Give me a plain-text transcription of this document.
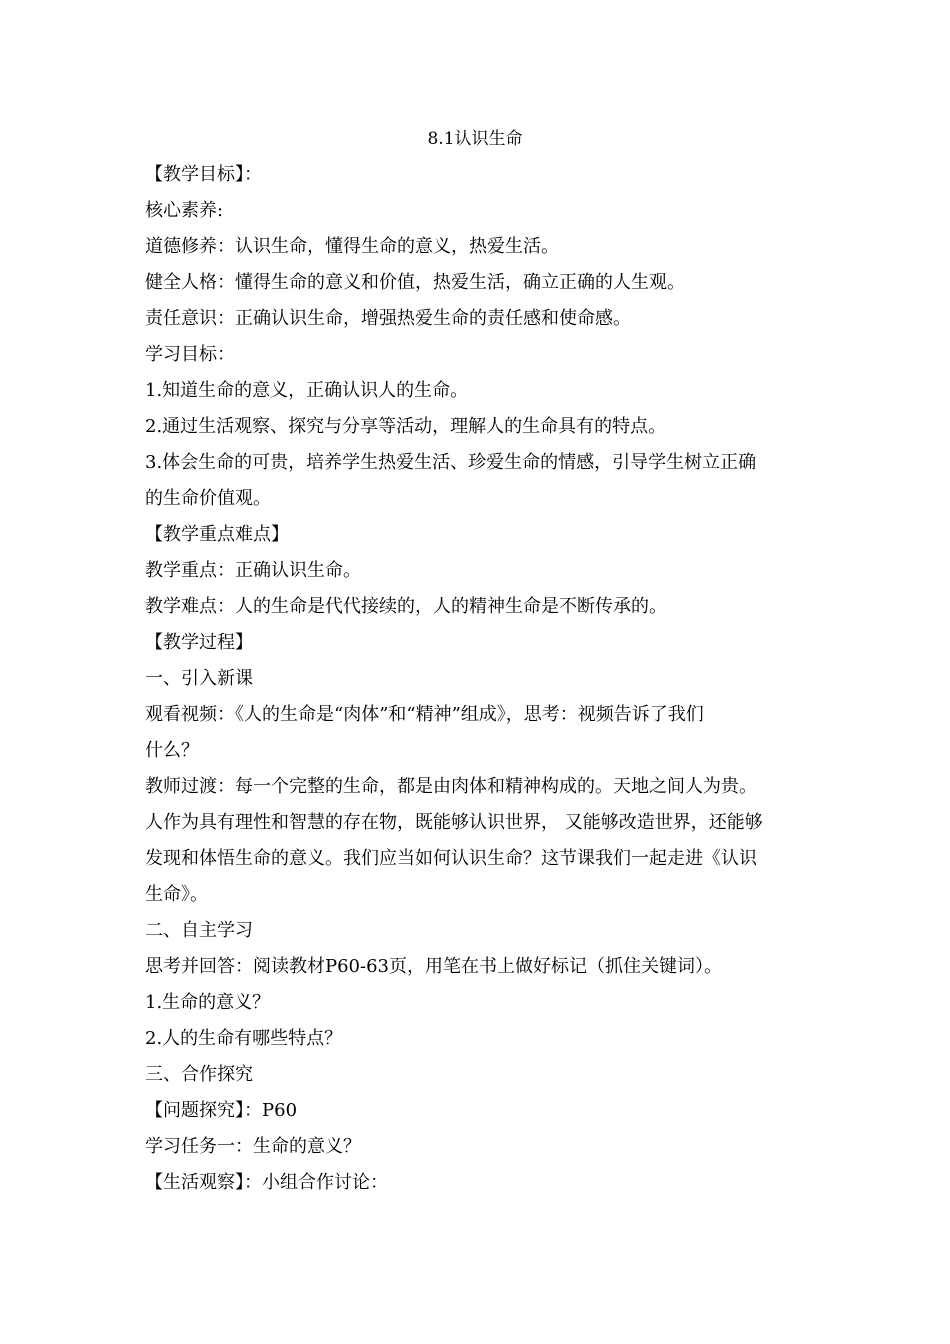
8.1认识生命
【教学目标】：
核心素养:
道德修养：认识生命，懂得生命的意义，热爱生活。
健全人格：懂得生命的意义和价值，热爱生活，确立正确的人生观。
责任意识：正确认识生命，增强热爱生命的责任感和使命感。
学习目标：
1.知道生命的意义，正确认识人的生命。
2.通过生活观察、探究与分享等活动，理解人的生命具有的特点。
3.体会生命的可贵，培养学生热爱生活、珍爱生命的情感，引导学生树立正确
的生命价值观。
【教学重点难点】
教学重点：正确认识生命。
教学难点：人的生命是代代接续的，人的精神生命是不断传承的。
【教学过程】
一、引入新课
观看视频：《人的生命是“肉体”和“精神”组成》，思考：视频告诉了我们
什么？
教师过渡：每一个完整的生命，都是由肉体和精神构成的。天地之间人为贵。
人作为具有理性和智慧的存在物，既能够认识世界， 又能够改造世界，还能够
发现和体悟生命的意义。我们应当如何认识生命？这节课我们一起走进《认识
生命》。
二、自主学习
思考并回答：阅读教材P60-63页，用笔在书上做好标记（抓住关键词）。
1.生命的意义？
2.人的生命有哪些特点？
三、合作探究
【问题探究】：P60
学习任务一：生命的意义？
【生活观察】：小组合作讨论：
